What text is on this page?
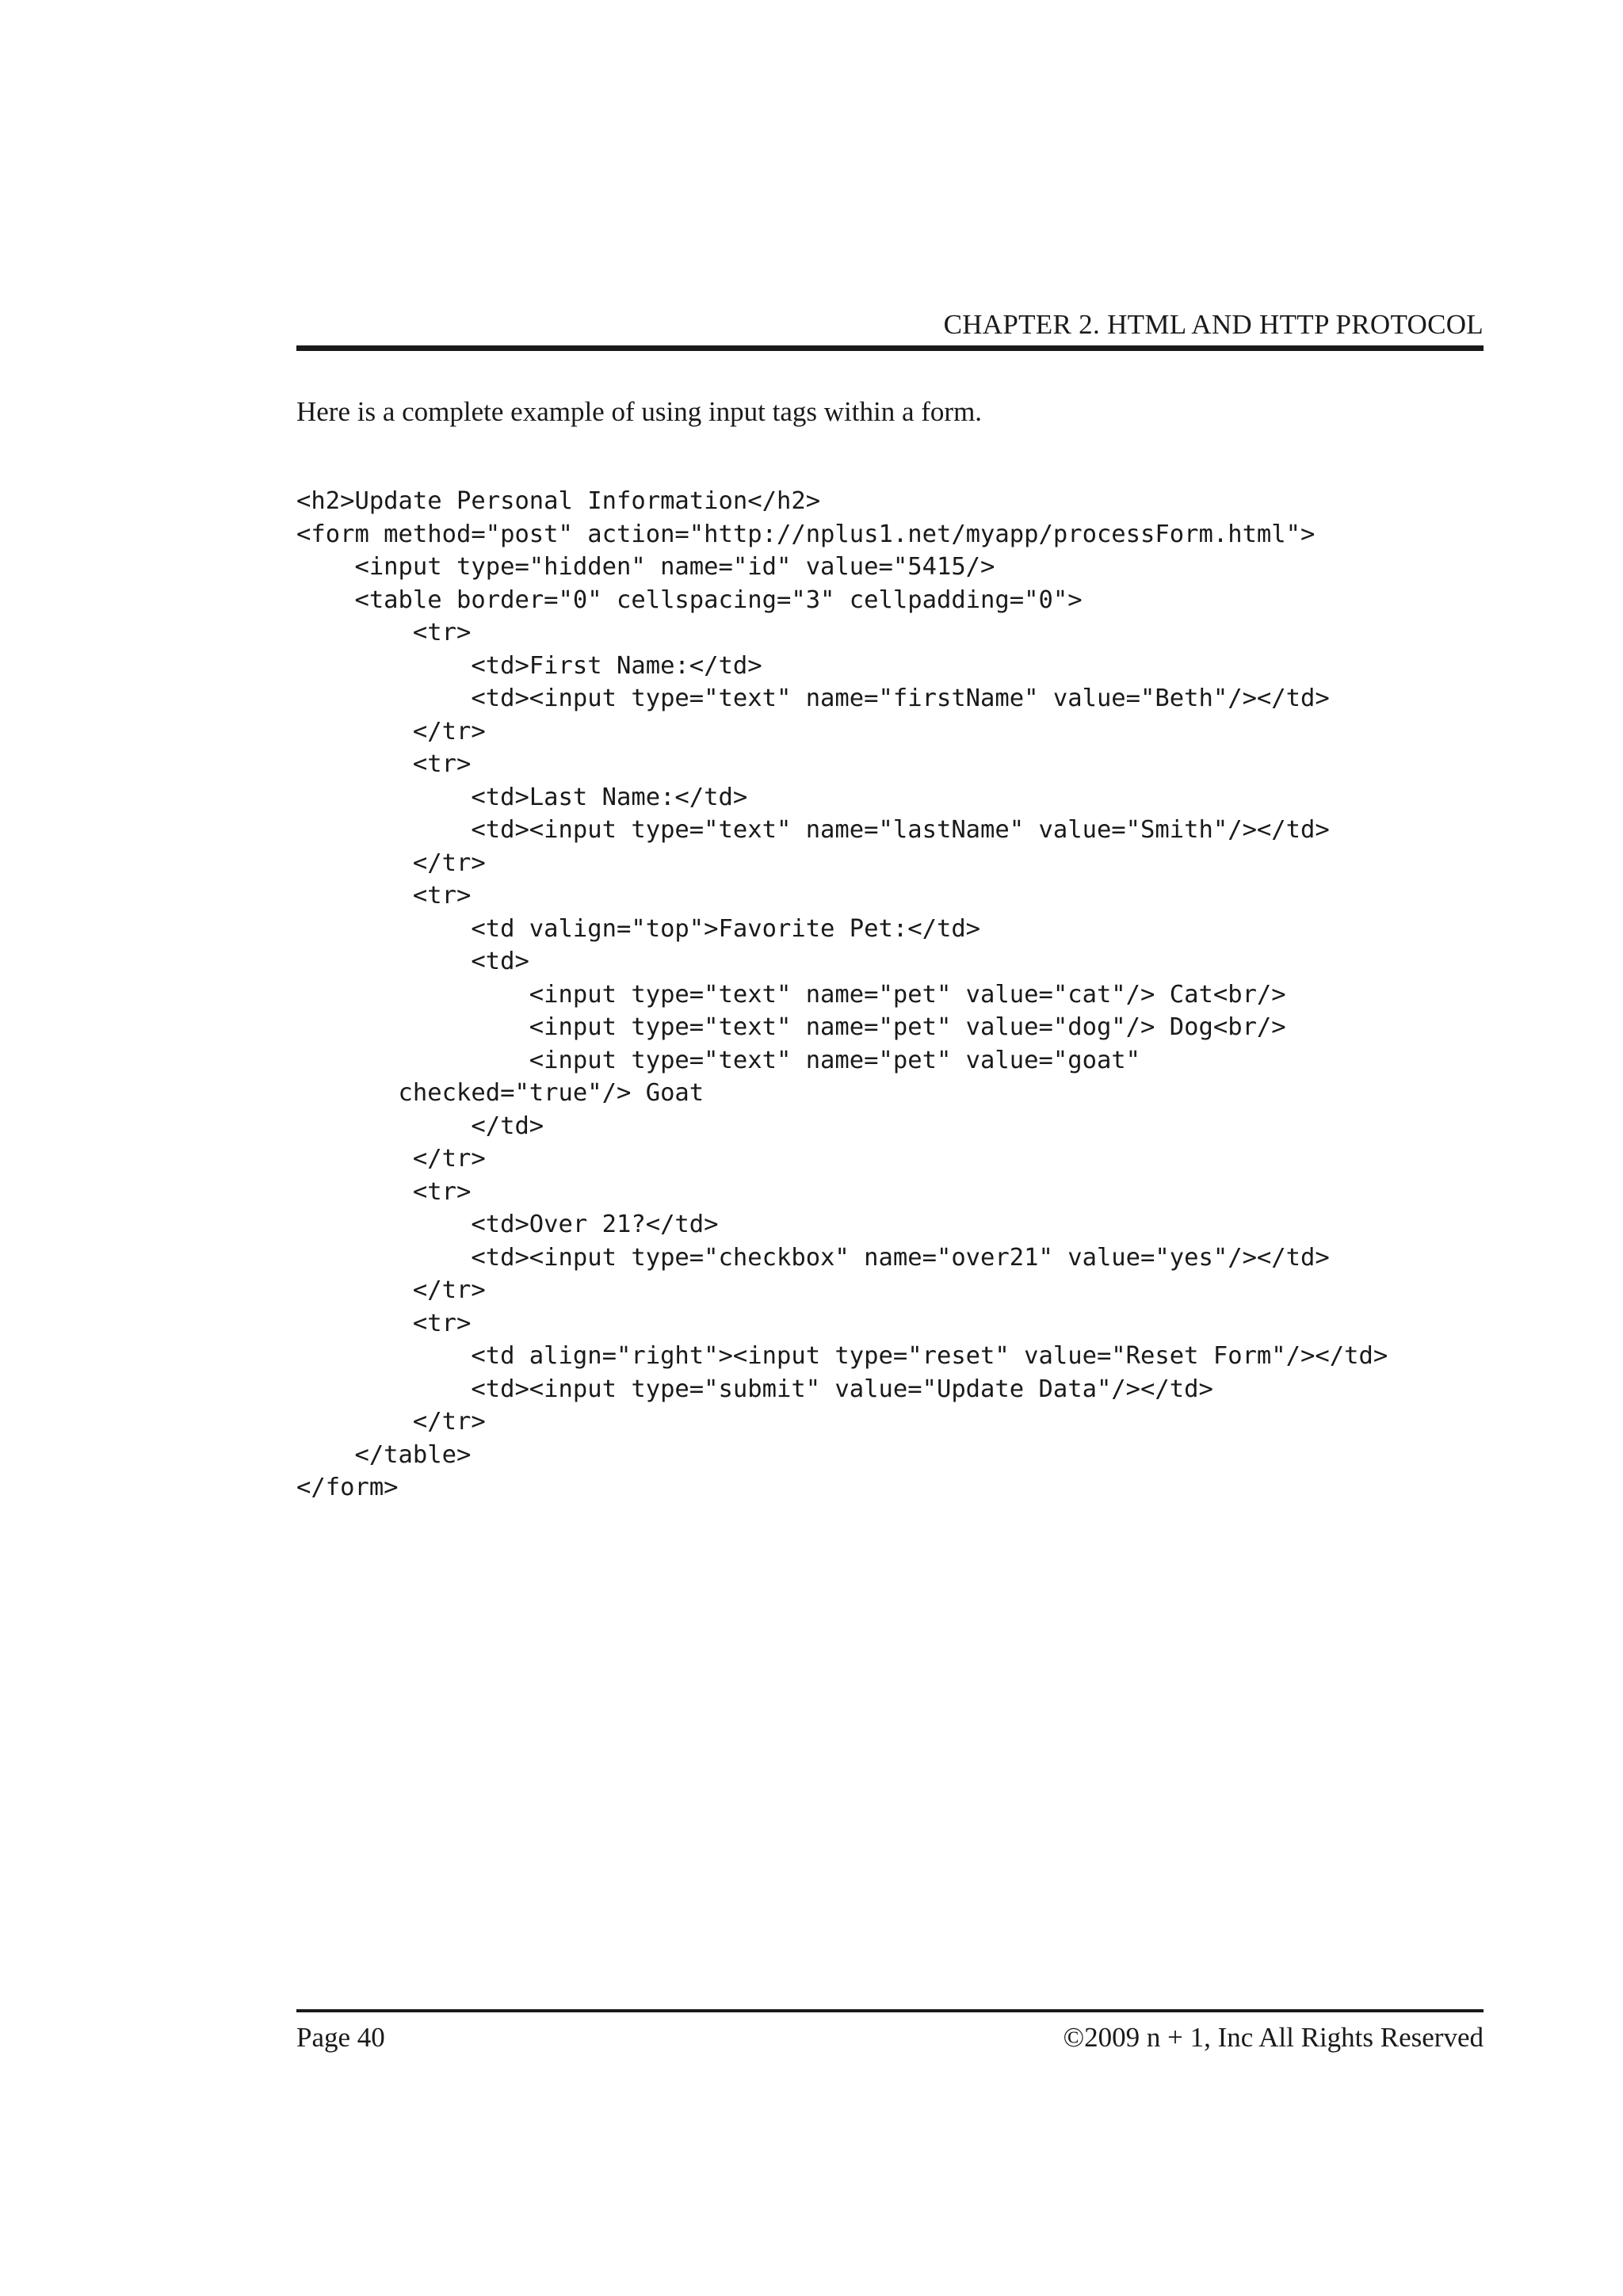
CHAPTER 2. HTML AND HTTP PROTOCOL
Here is a complete example of using input tags within a form.
<h2>Update Personal Information</h2>
<form method="post" action="http://nplus1.net/myapp/processForm.html">
<input type="hidden" name="id" value="5415/>
<table border="0" cellspacing="3" cellpadding="0">
<tr>
<td>First Name:</td>
<td><input type="text" name="firstName" value="Beth"/></td>
</tr>
<tr>
<td>Last Name:</td>
<td><input type="text" name="lastName" value="Smith"/></td>
</tr>
<tr>
<td valign="top">Favorite Pet:</td>
<td>
<input type="text" name="pet" value="cat"/> Cat<br/>
<input type="text" name="pet" value="dog"/> Dog<br/>
<input type="text" name="pet" value="goat"
checked="true"/> Goat
</td>
</tr>
<tr>
<td>Over 21?</td>
<td><input type="checkbox" name="over21" value="yes"/></td>
</tr>
<tr>
<td align="right"><input type="reset" value="Reset Form"/></td>
<td><input type="submit" value="Update Data"/></td>
</tr>
</table>
</form>
Page 40	©2009 n + 1, Inc All Rights Reserved
